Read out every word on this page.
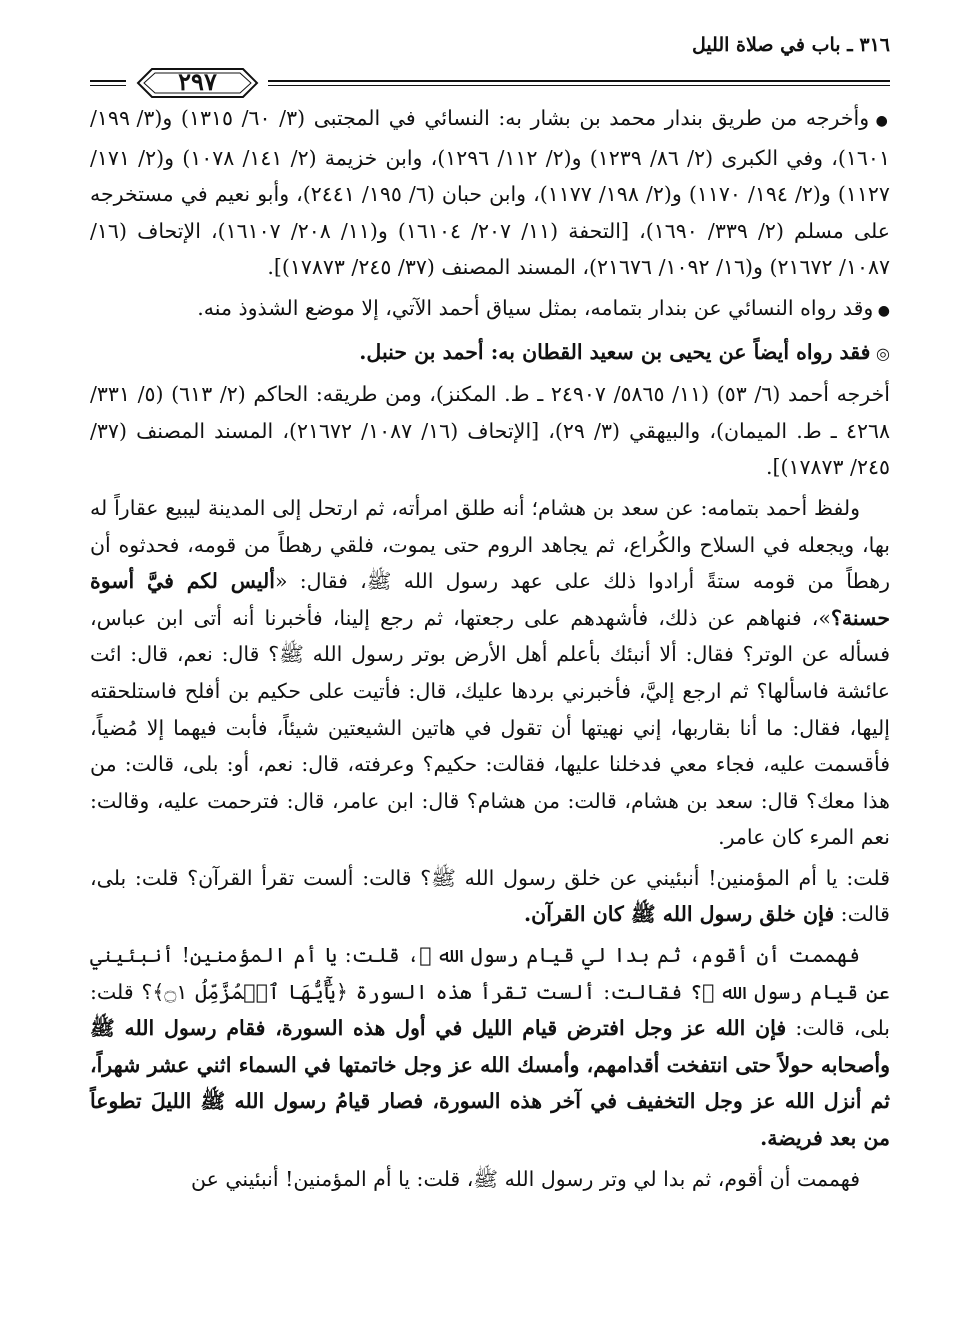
٣١٦ ـ باب في صلاة الليل
٢٩٧

● وأخرجه من طريق بندار محمد بن بشار به: النسائي في المجتبى (٣/ ٦٠/ ١٣١٥) و(٣/ ١٩٩/ ١٦٠١)، وفي الكبرى (٢/ ٨٦/ ١٢٣٩) و(٢/ ١١٢/ ١٢٩٦)، وابن خزيمة (٢/ ١٤١/ ١٠٧٨) و(٢/ ١٧١/ ١١٢٧) و(٢/ ١٩٤/ ١١٧٠) و(٢/ ١٩٨/ ١١٧٧)، وابن حبان (٦/ ١٩٥/ ٢٤٤١)، وأبو نعيم في مستخرجه على مسلم (٢/ ٣٣٩/ ١٦٩٠)، [التحفة (١١/ ٢٠٧/ ١٦١٠٤) و(١١/ ٢٠٨/ ١٦١٠٧)، الإتحاف (١٦/ ١٠٨٧/ ٢١٦٧٢) و(١٦/ ١٠٩٢/ ٢١٦٧٦)، المسند المصنف (٣٧/ ٢٤٥/ ١٧٨٧٣)].

● وقد رواه النسائي عن بندار بتمامه، بمثل سياق أحمد الآتي، إلا موضع الشذوذ منه.

◎ فقد رواه أيضاً عن يحيى بن سعيد القطان به: أحمد بن حنبل.

أخرجه أحمد (٦/ ٥٣) (١١/ ٥٨٦٥/ ٢٤٩٠٧ ـ ط. المكنز)، ومن طريقه: الحاكم (٢/ ٦١٣) (٥/ ٣٣١/ ٤٢٦٨ ـ ط. الميمان)، والبيهقي (٣/ ٢٩)، [الإتحاف (١٦/ ١٠٨٧/ ٢١٦٧٢)، المسند المصنف (٣٧/ ٢٤٥/ ١٧٨٧٣)].

ولفظ أحمد بتمامه: عن سعد بن هشام؛ أنه طلق امرأته، ثم ارتحل إلى المدينة ليبيع عقاراً له بها، ويجعله في السلاح والكُراع، ثم يجاهد الروم حتى يموت، فلقي رهطاً من قومه، فحدثوه أن رهطاً من قومه ستةً أرادوا ذلك على عهد رسول الله ﷺ، فقال: «أليس لكم فيَّ أسوة حسنة؟»، فنهاهم عن ذلك، فأشهدهم على رجعتها، ثم رجع إلينا، فأخبرنا أنه أتى ابن عباس، فسأله عن الوتر؟ فقال: ألا أنبئك بأعلم أهل الأرض بوتر رسول الله ﷺ؟ قال: نعم، قال: ائت عائشة فاسألها؟ ثم ارجع إليَّ، فأخبرني بردها عليك، قال: فأتيت على حكيم بن أفلح فاستلحقته إليها، فقال: ما أنا بقاربها، إني نهيتها أن تقول في هاتين الشيعتين شيئاً، فأبت فيهما إلا مُضياً، فأقسمت عليه، فجاء معي فدخلنا عليها، فقالت: حكيم؟ وعرفته، قال: نعم، أو: بلى، قالت: من هذا معك؟ قال: سعد بن هشام، قالت: من هشام؟ قال: ابن عامر، قال: فترحمت عليه، وقالت: نعم المرء كان عامر.

قلت: يا أم المؤمنين! أنبئيني عن خلق رسول الله ﷺ؟ قالت: ألست تقرأ القرآن؟ قلت: بلى، قالت: فإن خلق رسول الله ﷺ كان القرآن.

فهممت أن أقوم، ثم بدا لي قيام رسول الله ﷺ، قلت: يا أم المؤمنين! أنبئيني عن قيام رسول الله ﷺ؟ فقالت: ألست تقرأ هذه السورة ﴿يَٰٓأَيُّهَا ٱلۡمُزَّمِّلُ ۝١﴾؟ قلت: بلى، قالت: فإن الله عز وجل افترض قيام الليل في أول هذه السورة، فقام رسول الله ﷺ وأصحابه حولاً حتى انتفخت أقدامهم، وأمسك الله عز وجل خاتمتها في السماء اثني عشر شهراً، ثم أنزل الله عز وجل التخفيف في آخر هذه السورة، فصار قيامُ رسول الله ﷺ الليلَ تطوعاً من بعد فريضة.

فهممت أن أقوم، ثم بدا لي وتر رسول الله ﷺ، قلت: يا أم المؤمنين! أنبئيني عن
